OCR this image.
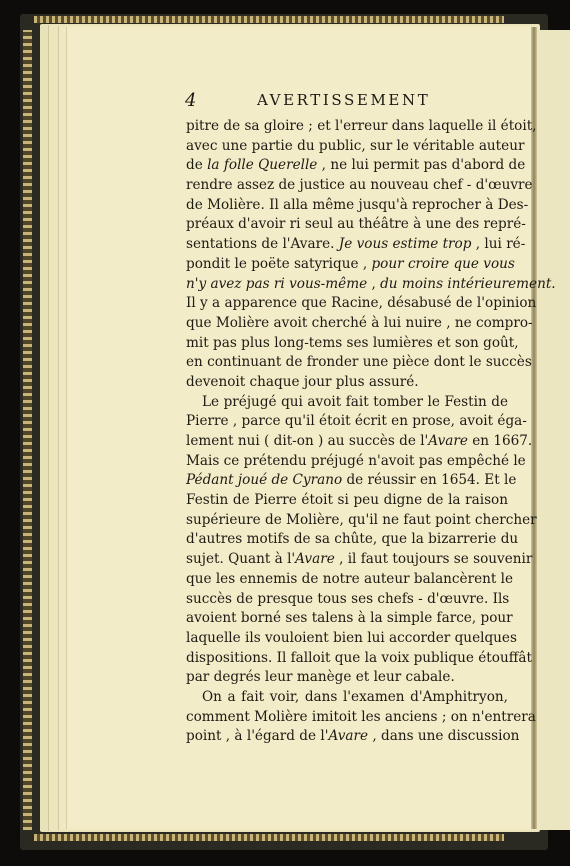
4	AVERTISSEMENT
pitre de sa gloire ; et l'erreur dans laquelle il étoit,
avec une partie du public, sur le véritable auteur
de la folle Querelle , ne lui permit pas d'abord de
rendre assez de justice au nouveau chef - d'œuvre
de Molière. Il alla même jusqu'à reprocher à Des-
préaux d'avoir ri seul au théâtre à une des repré-
sentations de l'Avare. Je vous estime trop , lui ré-
pondit le poëte satyrique , pour croire que vous
n'y avez pas ri vous-même , du moins intérieurement.
Il y a apparence que Racine, désabusé de l'opinion
que Molière avoit cherché à lui nuire , ne compro-
mit pas plus long-tems ses lumières et son goût,
en continuant de fronder une pièce dont le succès
devenoit chaque jour plus assuré.
Le préjugé qui avoit fait tomber le Festin de
Pierre , parce qu'il étoit écrit en prose, avoit éga-
lement nui ( dit-on ) au succès de l'Avare en 1667.
Mais ce prétendu préjugé n'avoit pas empêché le
Pédant joué de Cyrano de réussir en 1654. Et le
Festin de Pierre étoit si peu digne de la raison
supérieure de Molière, qu'il ne faut point chercher
d'autres motifs de sa chûte, que la bizarrerie du
sujet. Quant à l'Avare , il faut toujours se souvenir
que les ennemis de notre auteur balancèrent le
succès de presque tous ses chefs - d'œuvre. Ils
avoient borné ses talens à la simple farce, pour
laquelle ils vouloient bien lui accorder quelques
dispositions. Il falloit que la voix publique étouffât
par degrés leur manège et leur cabale.
On a fait voir, dans l'examen d'Amphitryon,
comment Molière imitoit les anciens ; on n'entrera
point , à l'égard de l'Avare , dans une discussion
